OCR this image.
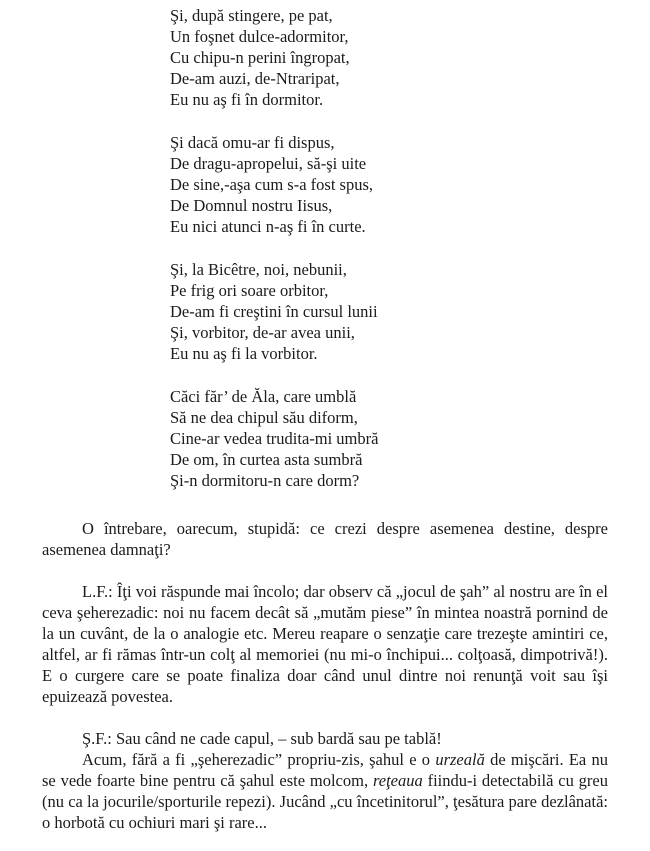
Şi, după stingere, pe pat,
Un foşnet dulce-adormitor,
Cu chipu-n perini îngropat,
De-am auzi, de-Ntraripat,
Eu nu aş fi în dormitor.
Şi dacă omu-ar fi dispus,
De dragu-apropelui, să-şi uite
De sine,-aşa cum s-a fost spus,
De Domnul nostru Iisus,
Eu nici atunci n-aş fi în curte.
Şi, la Bicêtre, noi, nebunii,
Pe frig ori soare orbitor,
De-am fi creştini în cursul lunii
Şi, vorbitor, de-ar avea unii,
Eu nu aş fi la vorbitor.
Căci făr’ de Ăla, care umblă
Să ne dea chipul său diform,
Cine-ar vedea trudita-mi umbră
De om, în curtea asta sumbră
Şi-n dormitoru-n care dorm?

O întrebare, oarecum, stupidă: ce crezi despre asemenea destine, despre asemenea damnaţi?

L.F.: Îţi voi răspunde mai încolo; dar observ că „jocul de şah” al nostru are în el ceva şeherezadic: noi nu facem decât să „mutăm piese” în mintea noastră pornind de la un cuvânt, de la o analogie etc. Mereu reapare o senzaţie care trezeşte amintiri ce, altfel, ar fi rămas într-un colţ al memoriei (nu mi-o închipui... colţoasă, dimpotrivă!). E o curgere care se poate finaliza doar când unul dintre noi renunţă voit sau îşi epuizează povestea.

Ş.F.: Sau când ne cade capul, – sub bardă sau pe tablă!

Acum, fără a fi „şeherezadic” propriu-zis, şahul e o urzeală de mişcări. Ea nu se vede foarte bine pentru că şahul este molcom, reţeaua fiindu-i detectabilă cu greu (nu ca la jocurile/sporturile repezi). Jucând „cu încetinitorul”, ţesătura pare dezlânată: o horbotă cu ochiuri mari şi rare...
